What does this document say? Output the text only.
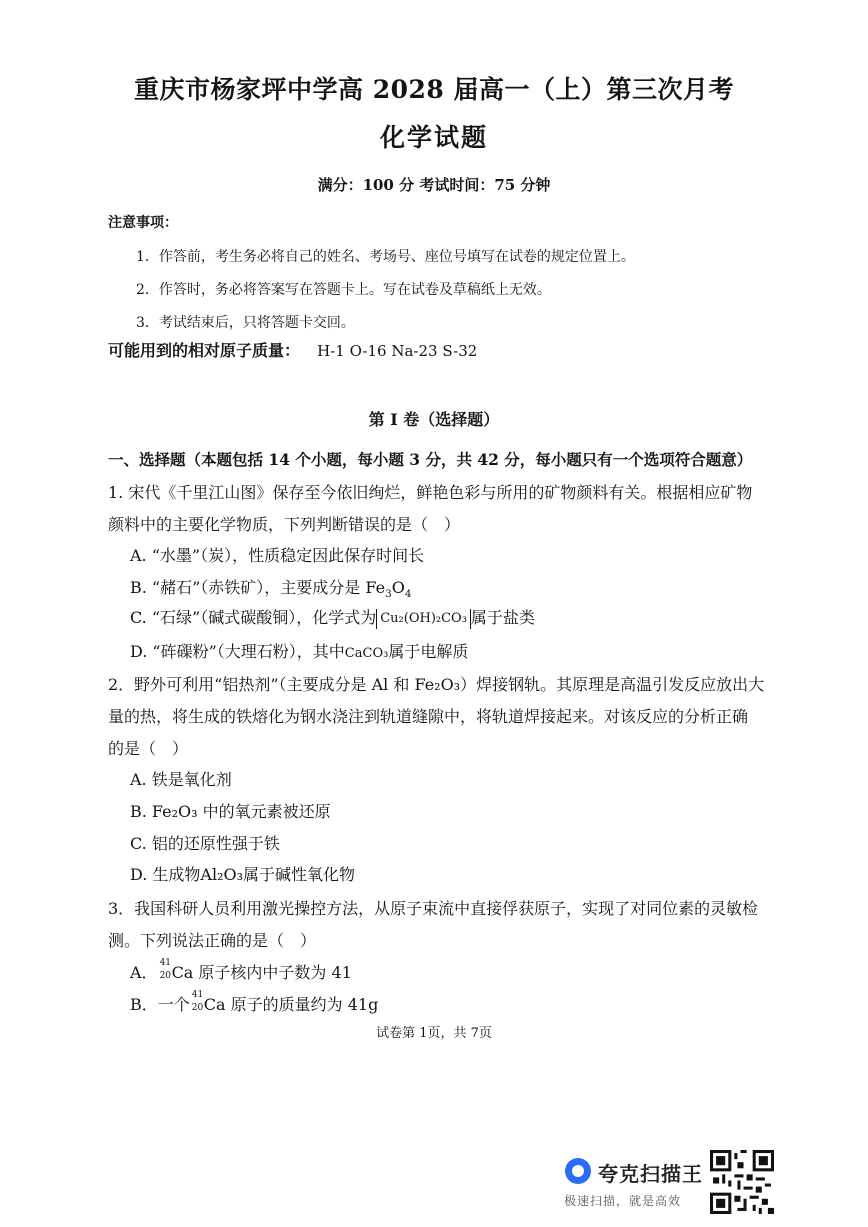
重庆市杨家坪中学高 2028 届高一（上）第三次月考
化学试题
满分：100 分 考试时间：75 分钟
注意事项：
1．作答前，考生务必将自己的姓名、考场号、座位号填写在试卷的规定位置上。
2．作答时，务必将答案写在答题卡上。写在试卷及草稿纸上无效。
3．考试结束后，只将答题卡交回。
可能用到的相对原子质量： H-1 O-16 Na-23 S-32
第 I 卷（选择题）
一、选择题（本题包括 14 个小题，每小题 3 分，共 42 分，每小题只有一个选项符合题意）
1. 宋代《千里江山图》保存至今依旧绚烂，鲜艳色彩与所用的矿物颜料有关。根据相应矿物
颜料中的主要化学物质，下列判断错误的是（　）
A. “水墨”（炭），性质稳定因此保存时间长
B. “赭石”（赤铁矿），主要成分是 $Fe_3O_4$
C. “石绿”（碱式碳酸铜），化学式为 Cu₂(OH)₂CO₃ 属于盐类
D. “砗磲粉”（大理石粉），其中CaCO₃属于电解质
2．野外可利用“铝热剂”（主要成分是 Al 和 Fe₂O₃）焊接钢轨。其原理是高温引发反应放出大
量的热，将生成的铁熔化为钢水浇注到轨道缝隙中，将轨道焊接起来。对该反应的分析正确
的是（　）
A. 铁是氧化剂
B. Fe₂O₃ 中的氧元素被还原
C. 铝的还原性强于铁
D. 生成物Al₂O₃属于碱性氧化物
3．我国科研人员利用激光操控方法，从原子束流中直接俘获原子，实现了对同位素的灵敏检
测。下列说法正确的是（　）
A． 41
20 Ca 原子核内中子数为 41
B．一个 41
20 Ca 原子的质量约为 41g
试卷第 1页，共 7页
夸克扫描王
极速扫描，就是高效
